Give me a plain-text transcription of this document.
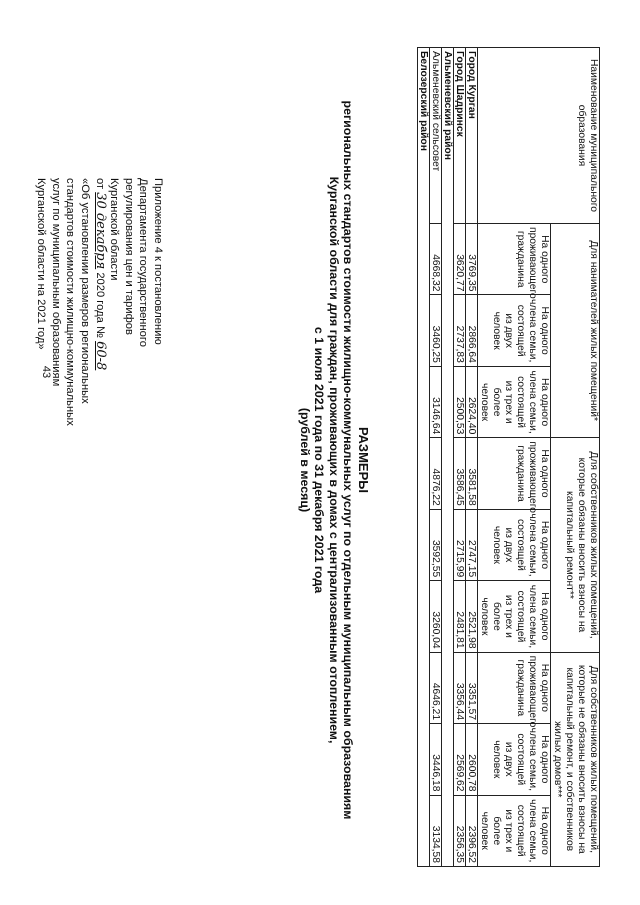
43
Приложение 4 к постановлению
Департамента государственного
регулирования цен и тарифов
Курганской области
от 30 декабря 2020 года № 60-8
«Об установлении размеров региональных
стандартов стоимости жилищно-коммунальных
услуг по муниципальным образованиям
Курганской области на 2021 год»
РАЗМЕРЫ
региональных стандартов стоимости жилищно-коммунальных услуг по отдельным муниципальным образованиям
Курганской области для граждан, проживающих в домах с централизованным отоплением,
с 1 июля 2021 года по 31 декабря 2021 года
(рублей в месяц)
Наименование муниципального образования	Для нанимателей жилых помещений*			Для собственников жилых помещений, которые обязаны вносить взносы на капитальный ремонт**			Для собственников жилых помещений, которые не обязаны вносить взносы на капитальный ремонт, и собственников жилых домов***		
	На одного проживающего гражданина	На одного члена семьи, состоящей из двух человек	На одного члена семьи, состоящей из трех и более человек	На одного проживающего гражданина	На одного члена семьи, состоящей из двух человек	На одного члена семьи, состоящей из трех и более человек	На одного проживающего гражданина	На одного члена семьи, состоящей из двух человек	На одного члена семьи, состоящей из трех и более человек
Город Курган	3769,35	2866,64	2624,40	3581,58	2747,15	2521,98	3351,57	2600,78	2396,52
Город Шадринск	3620,77	2737,83	2500,53	3586,45	2715,99	2481,81	3356,44	2569,62	2356,35
Альменевский район									
Альменевский сельсовет	4668,32	3460,25	3146,64	4876,22	3592,55	3260,04	4646,21	3446,18	3134,58
Белозерский район									
